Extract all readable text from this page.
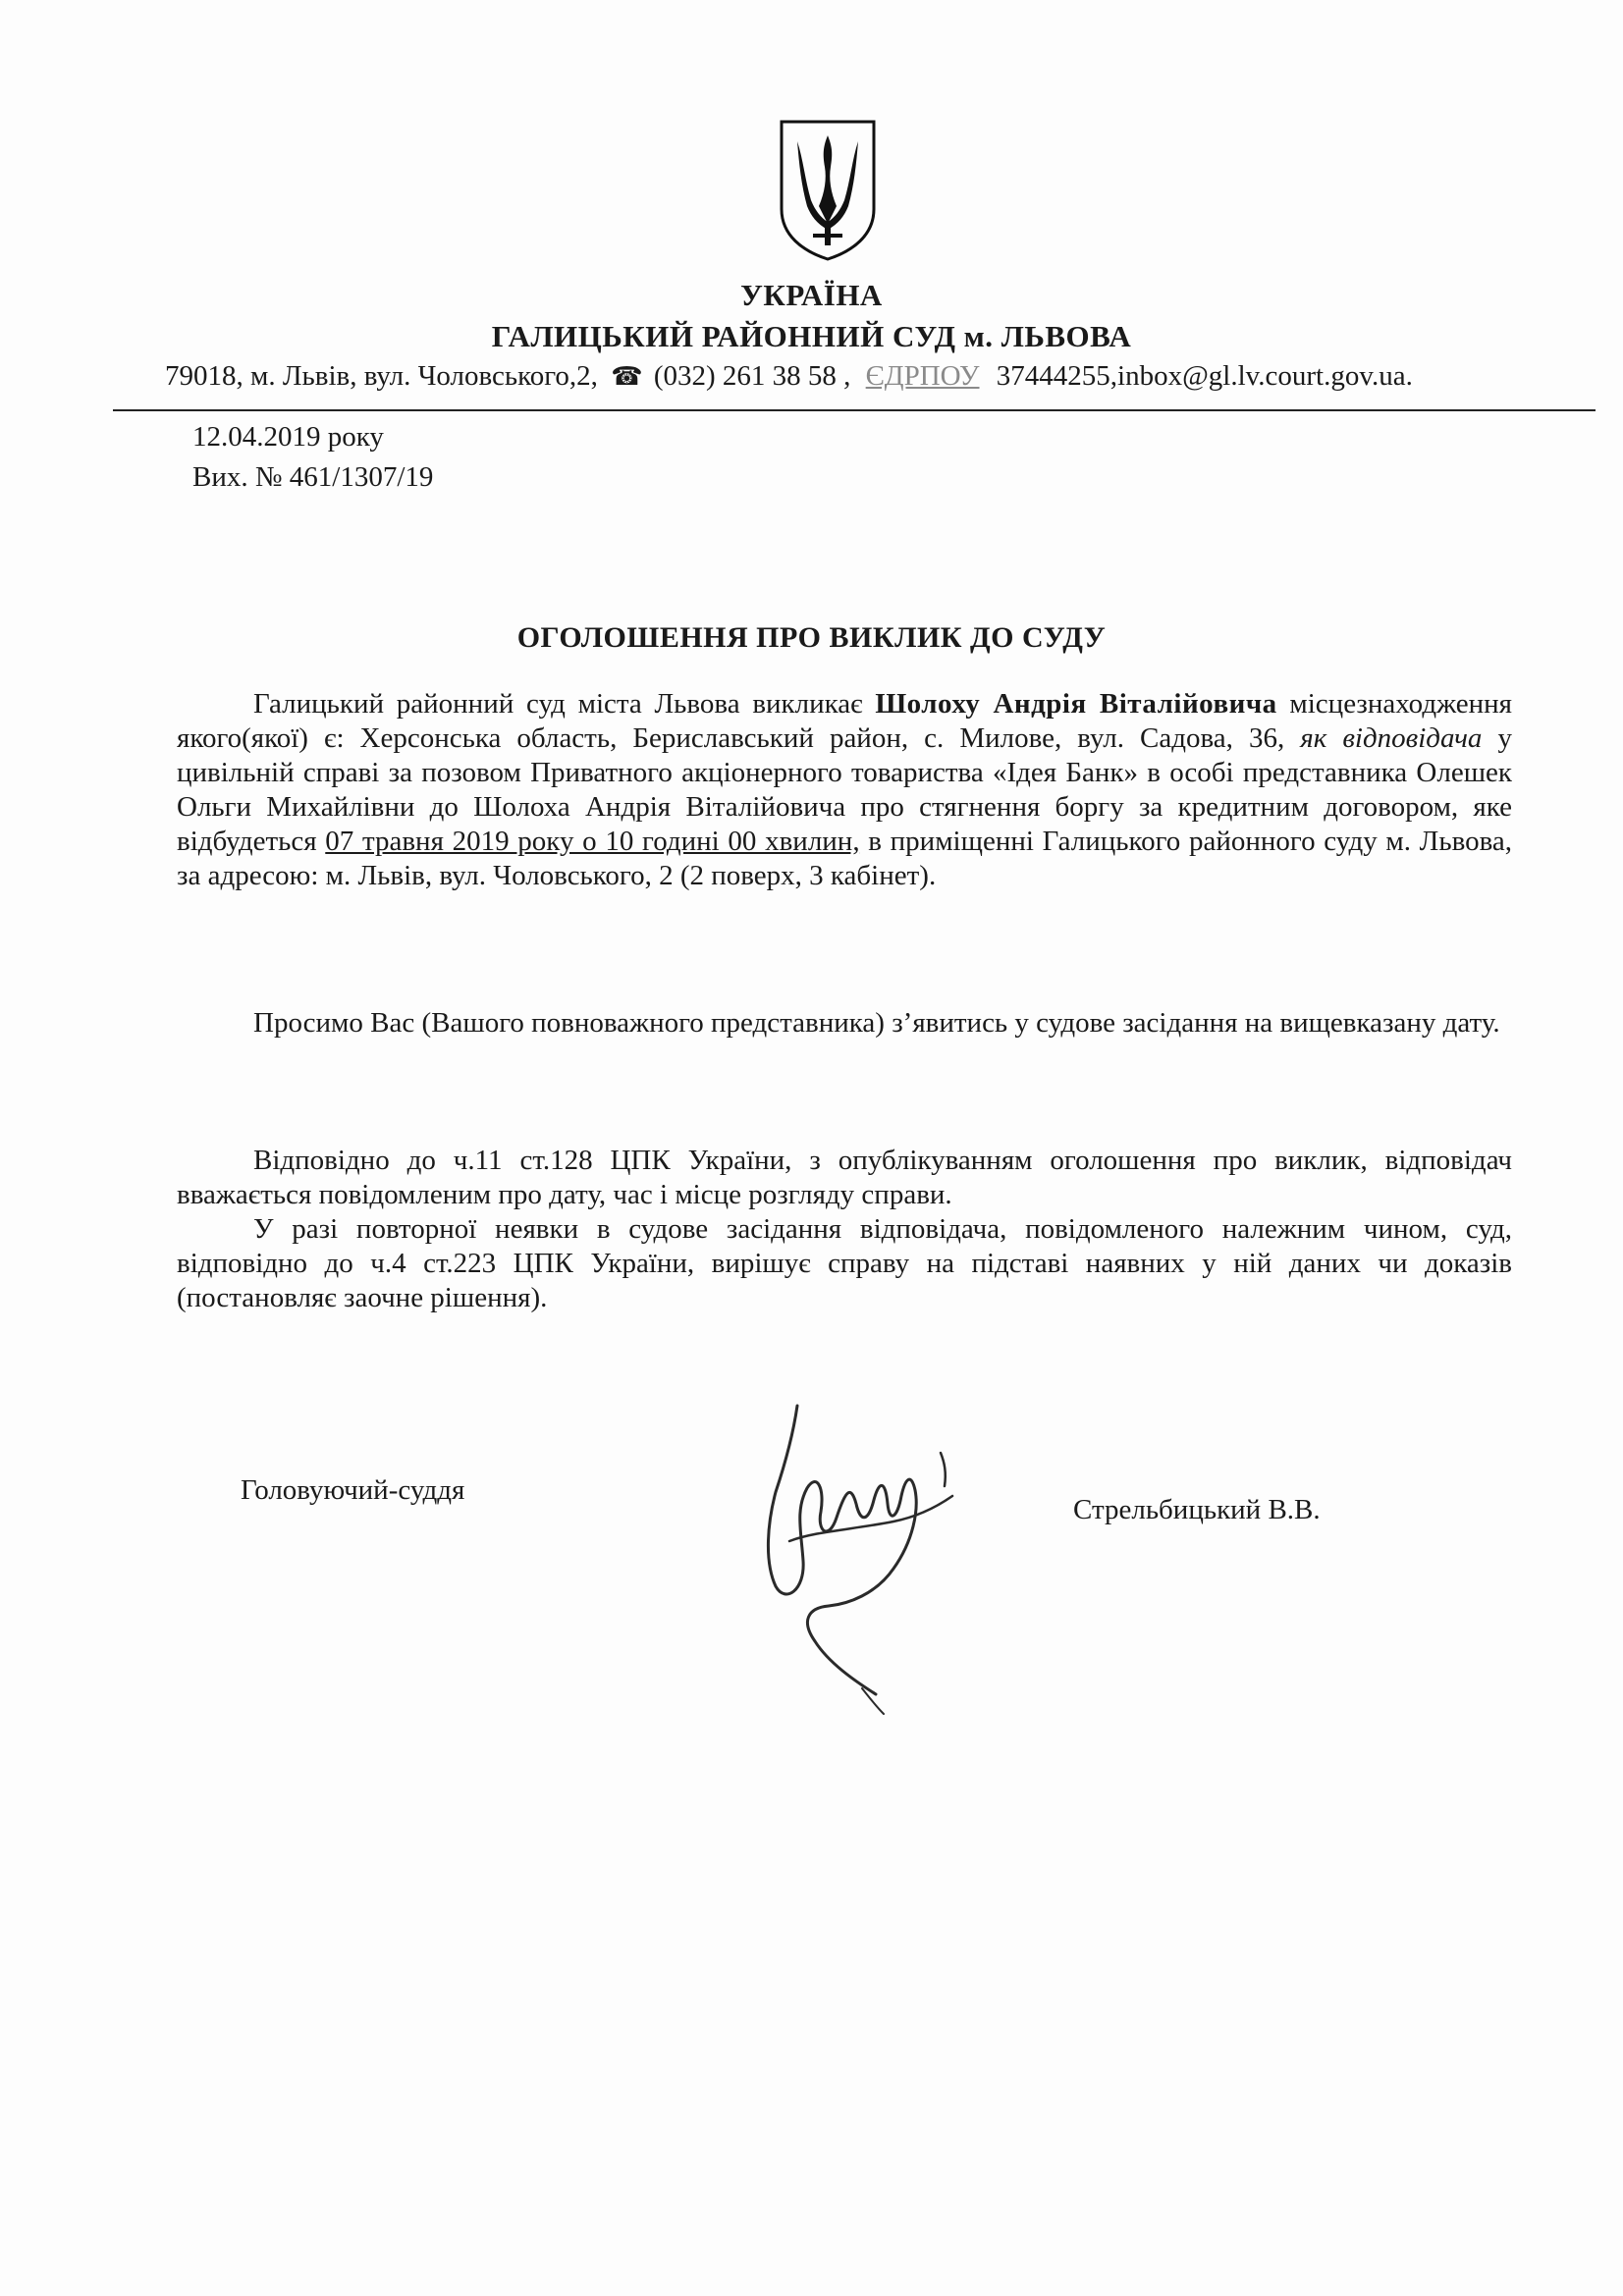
УКРАЇНА
ГАЛИЦЬКИЙ РАЙОННИЙ СУД м. ЛЬВОВА
79018, м. Львів, вул. Чоловського,2, ☎ (032) 261 38 58 , ЄДРПОУ 37444255,inbox@gl.lv.court.gov.ua.
12.04.2019 року
Вих. № 461/1307/19
ОГОЛОШЕННЯ ПРО ВИКЛИК ДО СУДУ
Галицький районний суд міста Львова викликає Шолоху Андрія Віталійовича місцезнаходження якого(якої) є: Херсонська область, Бериславський район, с. Милове, вул. Садова, 36, як відповідача у цивільній справі за позовом Приватного акціонерного товариства «Ідея Банк» в особі представника Олешек Ольги Михайлівни до Шолоха Андрія Віталійовича про стягнення боргу за кредитним договором, яке відбудеться 07 травня 2019 року о 10 годині 00 хвилин, в приміщенні Галицького районного суду м. Львова, за адресою: м. Львів, вул. Чоловського, 2 (2 поверх, 3 кабінет).
Просимо Вас (Вашого повноважного представника) з’явитись у судове засідання на вищевказану дату.
Відповідно до ч.11 ст.128 ЦПК України, з опублікуванням оголошення про виклик, відповідач вважається повідомленим про дату, час і місце розгляду справи.
У разі повторної неявки в судове засідання відповідача, повідомленого належним чином, суд, відповідно до ч.4 ст.223 ЦПК України, вирішує справу на підставі наявних у ній даних чи доказів (постановляє заочне рішення).
Головуючий-суддя
Стрельбицький В.В.
